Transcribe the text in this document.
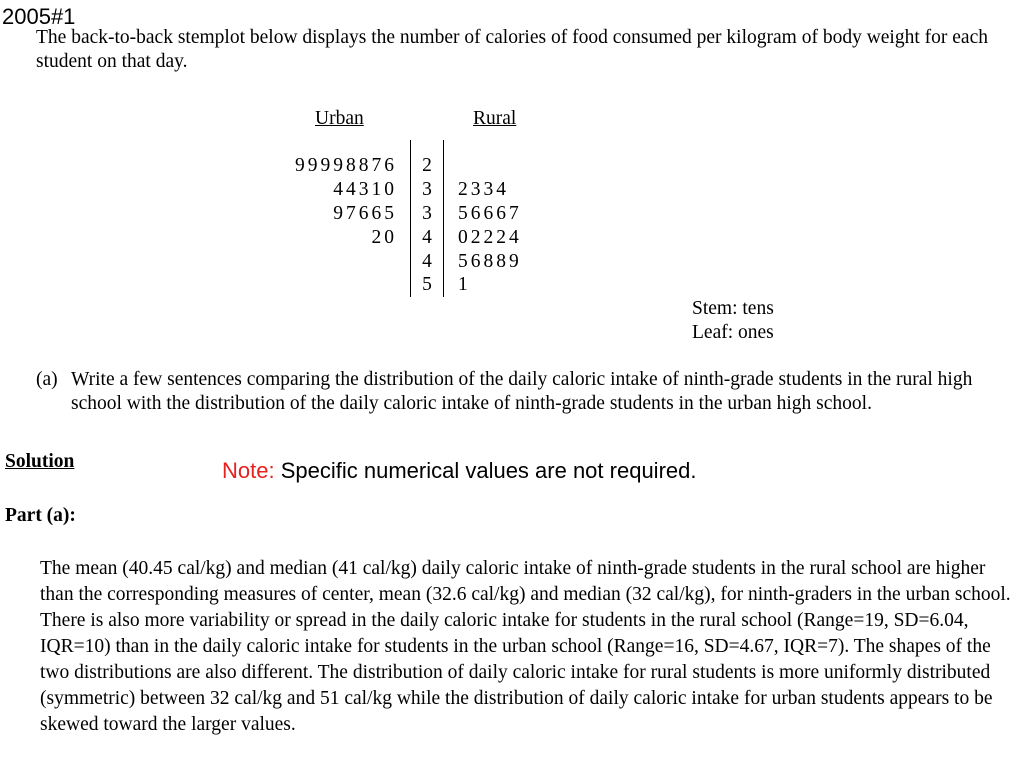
2005#1
The back-to-back stemplot below displays the number of calories of food consumed per kilogram of body weight for each student on that day.
Urban	Rural
99998876 2
44310 3 2334
97665 3 56667
20 4 02224
4 56889
5 1
Stem: tens
Leaf: ones
(a) Write a few sentences comparing the distribution of the daily caloric intake of ninth-grade students in the rural high school with the distribution of the daily caloric intake of ninth-grade students in the urban high school.
Solution	Note: Specific numerical values are not required.
Part (a):
The mean (40.45 cal/kg) and median (41 cal/kg) daily caloric intake of ninth-grade students in the rural school are higher than the corresponding measures of center, mean (32.6 cal/kg) and median (32 cal/kg), for ninth-graders in the urban school. There is also more variability or spread in the daily caloric intake for students in the rural school (Range=19, SD=6.04, IQR=10) than in the daily caloric intake for students in the urban school (Range=16, SD=4.67, IQR=7). The shapes of the two distributions are also different. The distribution of daily caloric intake for rural students is more uniformly distributed (symmetric) between 32 cal/kg and 51 cal/kg while the distribution of daily caloric intake for urban students appears to be skewed toward the larger values.
